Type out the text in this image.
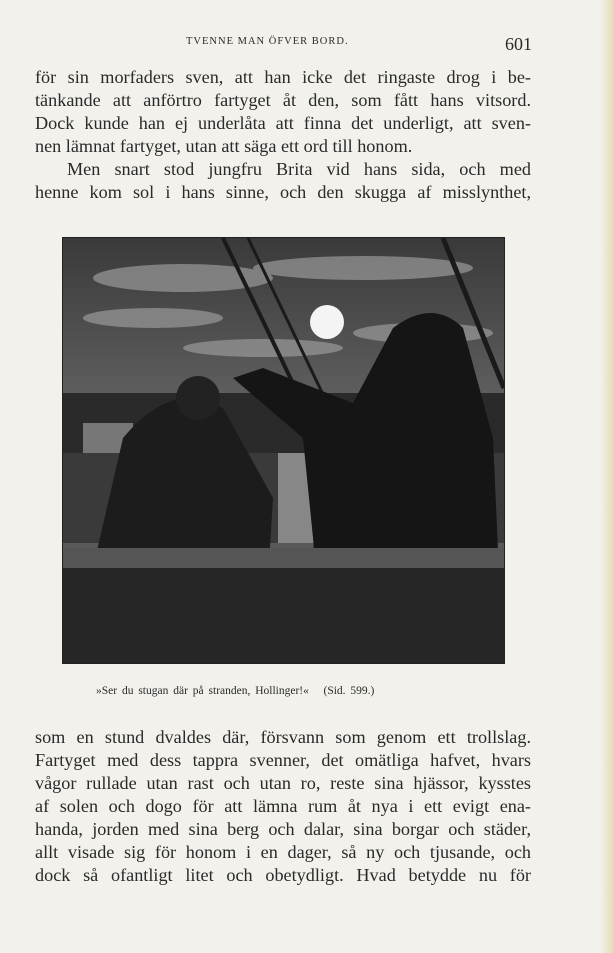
TVENNE MAN ÖFVER BORD.	601
för sin morfaders sven, att han icke det ringaste drog i be-
tänkande att anförtro fartyget åt den, som fått hans vitsord.
Dock kunde han ej underlåta att finna det underligt, att sven-
nen lämnat fartyget, utan att säga ett ord till honom.
Men snart stod jungfru Brita vid hans sida, och med
henne kom sol i hans sinne, och den skugga af misslynthet,
»Ser du stugan där på stranden, Hollinger!« (Sid. 599.)
som en stund dvaldes där, försvann som genom ett trollslag.
Fartyget med dess tappra svenner, det omätliga hafvet, hvars
vågor rullade utan rast och utan ro, reste sina hjässor, kysstes
af solen och dogo för att lämna rum åt nya i ett evigt ena-
handa, jorden med sina berg och dalar, sina borgar och städer,
allt visade sig för honom i en dager, så ny och tjusande, och
dock så ofantligt litet och obetydligt. Hvad betydde nu för
